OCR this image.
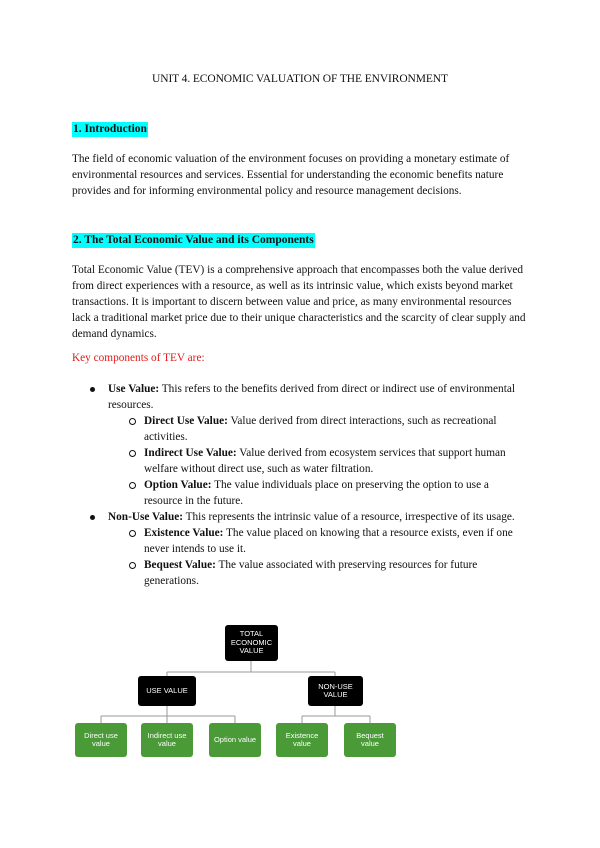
UNIT 4. ECONOMIC VALUATION OF THE ENVIRONMENT
1. Introduction
The field of economic valuation of the environment focuses on providing a monetary estimate of environmental resources and services. Essential for understanding the economic benefits nature provides and for informing environmental policy and resource management decisions.
2. The Total Economic Value and its Components
Total Economic Value (TEV) is a comprehensive approach that encompasses both the value derived from direct experiences with a resource, as well as its intrinsic value, which exists beyond market transactions. It is important to discern between value and price, as many environmental resources lack a traditional market price due to their unique characteristics and the scarcity of clear supply and demand dynamics.
Key components of TEV are:
Use Value: This refers to the benefits derived from direct or indirect use of environmental resources.
Direct Use Value: Value derived from direct interactions, such as recreational activities.
Indirect Use Value: Value derived from ecosystem services that support human welfare without direct use, such as water filtration.
Option Value: The value individuals place on preserving the option to use a resource in the future.
Non-Use Value: This represents the intrinsic value of a resource, irrespective of its usage.
Existence Value: The value placed on knowing that a resource exists, even if one never intends to use it.
Bequest Value: The value associated with preserving resources for future generations.
TOTAL
ECONOMIC
VALUE
USE VALUE	NON-USE
VALUE
Direct use
value
Indirect use
value	Option value	Existence
value
Bequest
value
